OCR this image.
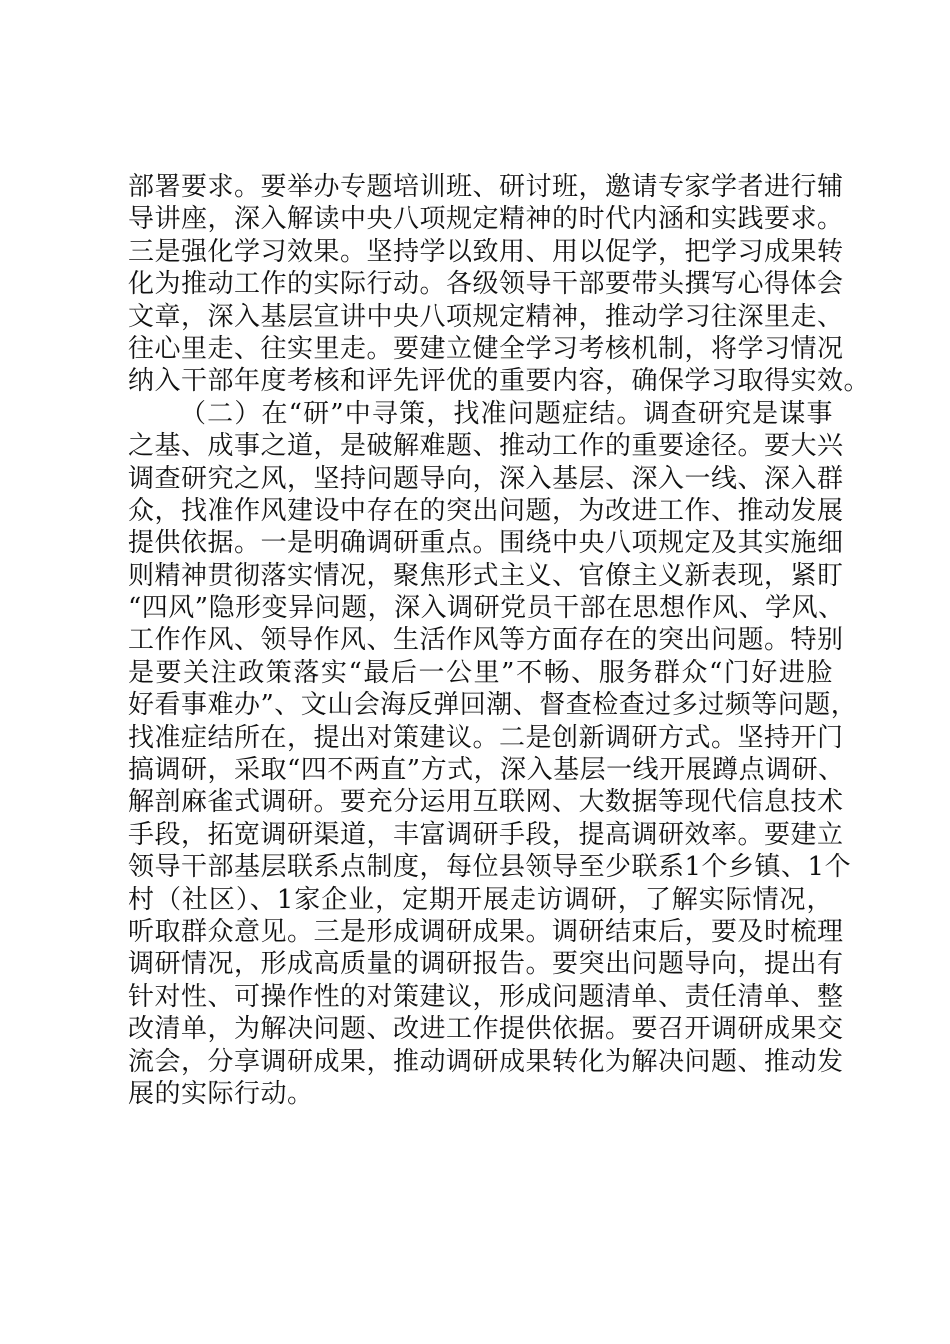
部署要求。要举办专题培训班、研讨班，邀请专家学者进行辅
导讲座，深入解读中央八项规定精神的时代内涵和实践要求。
三是强化学习效果。坚持学以致用、用以促学，把学习成果转
化为推动工作的实际行动。各级领导干部要带头撰写心得体会
文章，深入基层宣讲中央八项规定精神，推动学习往深里走、
往心里走、往实里走。要建立健全学习考核机制，将学习情况
纳入干部年度考核和评先评优的重要内容，确保学习取得实效。
（二）在“研”中寻策，找准问题症结。调查研究是谋事
之基、成事之道，是破解难题、推动工作的重要途径。要大兴
调查研究之风，坚持问题导向，深入基层、深入一线、深入群
众，找准作风建设中存在的突出问题，为改进工作、推动发展
提供依据。一是明确调研重点。围绕中央八项规定及其实施细
则精神贯彻落实情况，聚焦形式主义、官僚主义新表现，紧盯
“四风”隐形变异问题，深入调研党员干部在思想作风、学风、
工作作风、领导作风、生活作风等方面存在的突出问题。特别
是要关注政策落实“最后一公里”不畅、服务群众“门好进脸
好看事难办”、文山会海反弹回潮、督查检查过多过频等问题，
找准症结所在，提出对策建议。二是创新调研方式。坚持开门
搞调研，采取“四不两直”方式，深入基层一线开展蹲点调研、
解剖麻雀式调研。要充分运用互联网、大数据等现代信息技术
手段，拓宽调研渠道，丰富调研手段，提高调研效率。要建立
领导干部基层联系点制度，每位县领导至少联系1个乡镇、1个
村（社区）、1家企业，定期开展走访调研，了解实际情况，
听取群众意见。三是形成调研成果。调研结束后，要及时梳理
调研情况，形成高质量的调研报告。要突出问题导向，提出有
针对性、可操作性的对策建议，形成问题清单、责任清单、整
改清单，为解决问题、改进工作提供依据。要召开调研成果交
流会，分享调研成果，推动调研成果转化为解决问题、推动发
展的实际行动。
